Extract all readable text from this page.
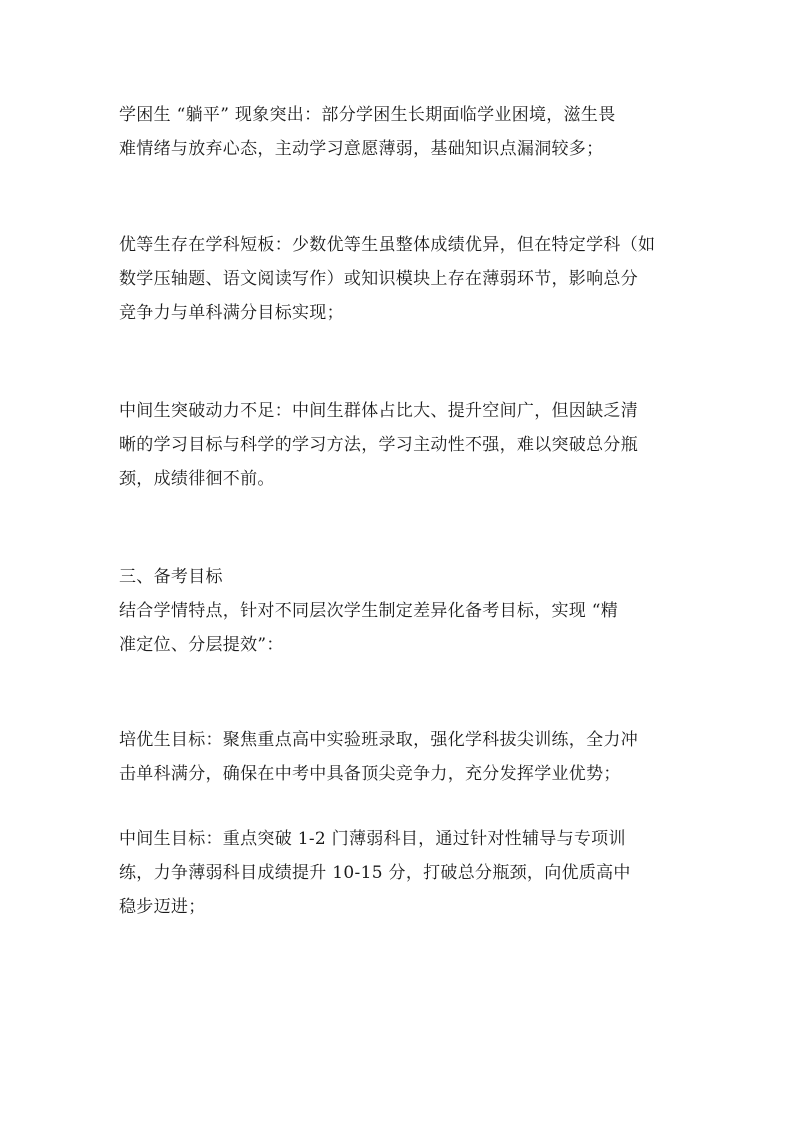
学困生 “躺平” 现象突出：部分学困生长期面临学业困境，滋生畏
难情绪与放弃心态，主动学习意愿薄弱，基础知识点漏洞较多；

优等生存在学科短板：少数优等生虽整体成绩优异，但在特定学科（如
数学压轴题、语文阅读写作）或知识模块上存在薄弱环节，影响总分
竞争力与单科满分目标实现；

中间生突破动力不足：中间生群体占比大、提升空间广，但因缺乏清
晰的学习目标与科学的学习方法，学习主动性不强，难以突破总分瓶
颈，成绩徘徊不前。

三、备考目标
结合学情特点，针对不同层次学生制定差异化备考目标，实现 “精
准定位、分层提效”：

培优生目标：聚焦重点高中实验班录取，强化学科拔尖训练，全力冲
击单科满分，确保在中考中具备顶尖竞争力，充分发挥学业优势；

中间生目标：重点突破 1-2 门薄弱科目，通过针对性辅导与专项训
练，力争薄弱科目成绩提升 10-15 分，打破总分瓶颈，向优质高中
稳步迈进；
